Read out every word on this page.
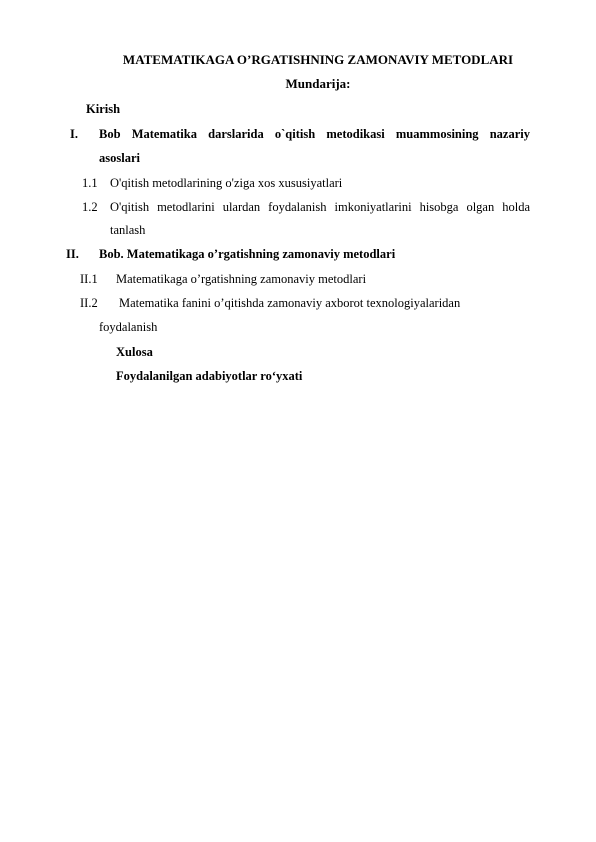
MATEMATIKAGA O’RGATISHNING ZAMONAVIY METODLARI
Mundarija:
Kirish
I. Bob Matematika darslarida o`qitish metodikasi muammosining nazariy
asoslari
1.1 O'qitish metodlarining o'ziga xos xususiyatlari
1.2 O'qitish metodlarini ulardan foydalanish imkoniyatlarini hisobga olgan holda
tanlash
II. Bob. Matematikaga o’rgatishning zamonaviy metodlari
II.1 Matematikaga o’rgatishning zamonaviy metodlari
II.2 Matematika fanini o’qitishda zamonaviy axborot texnologiyalaridan
foydalanish
Xulosa
Foydalanilgan adabiyotlar ro‘yxati
